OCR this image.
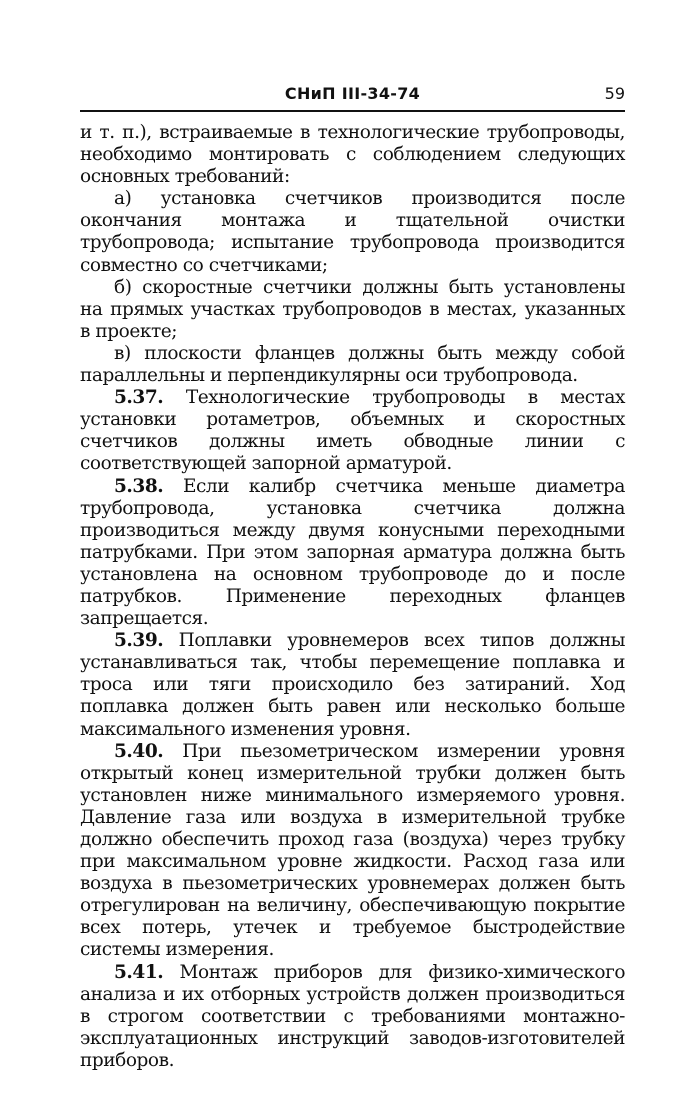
СНиП III-34-74	59

и т. п.), встраиваемые в технологические трубопроводы, необходимо монтировать с соблюдением следующих основных требований:

а) установка счетчиков производится после окончания монтажа и тщательной очистки трубопровода; испытание трубопровода производится совместно со счетчиками;

б) скоростные счетчики должны быть установлены на прямых участках трубопроводов в местах, указанных в проекте;

в) плоскости фланцев должны быть между собой параллельны и перпендикулярны оси трубопровода.

5.37. Технологические трубопроводы в местах установки ротаметров, объемных и скоростных счетчиков должны иметь обводные линии с соответствующей запорной арматурой.

5.38. Если калибр счетчика меньше диаметра трубопровода, установка счетчика должна производиться между двумя конусными переходными патрубками. При этом запорная арматура должна быть установлена на основном трубопроводе до и после патрубков. Применение переходных фланцев запрещается.

5.39. Поплавки уровнемеров всех типов должны устанавливаться так, чтобы перемещение поплавка и троса или тяги происходило без затираний. Ход поплавка должен быть равен или несколько больше максимального изменения уровня.

5.40. При пьезометрическом измерении уровня открытый конец измерительной трубки должен быть установлен ниже минимального измеряемого уровня. Давление газа или воздуха в измерительной трубке должно обеспечить проход газа (воздуха) через трубку при максимальном уровне жидкости. Расход газа или воздуха в пьезометрических уровнемерах должен быть отрегулирован на величину, обеспечивающую покрытие всех потерь, утечек и требуемое быстродействие системы измерения.

5.41. Монтаж приборов для физико-химического анализа и их отборных устройств должен производиться в строгом соответствии с требованиями монтажно-эксплуатационных инструкций заводов-изготовителей приборов.
